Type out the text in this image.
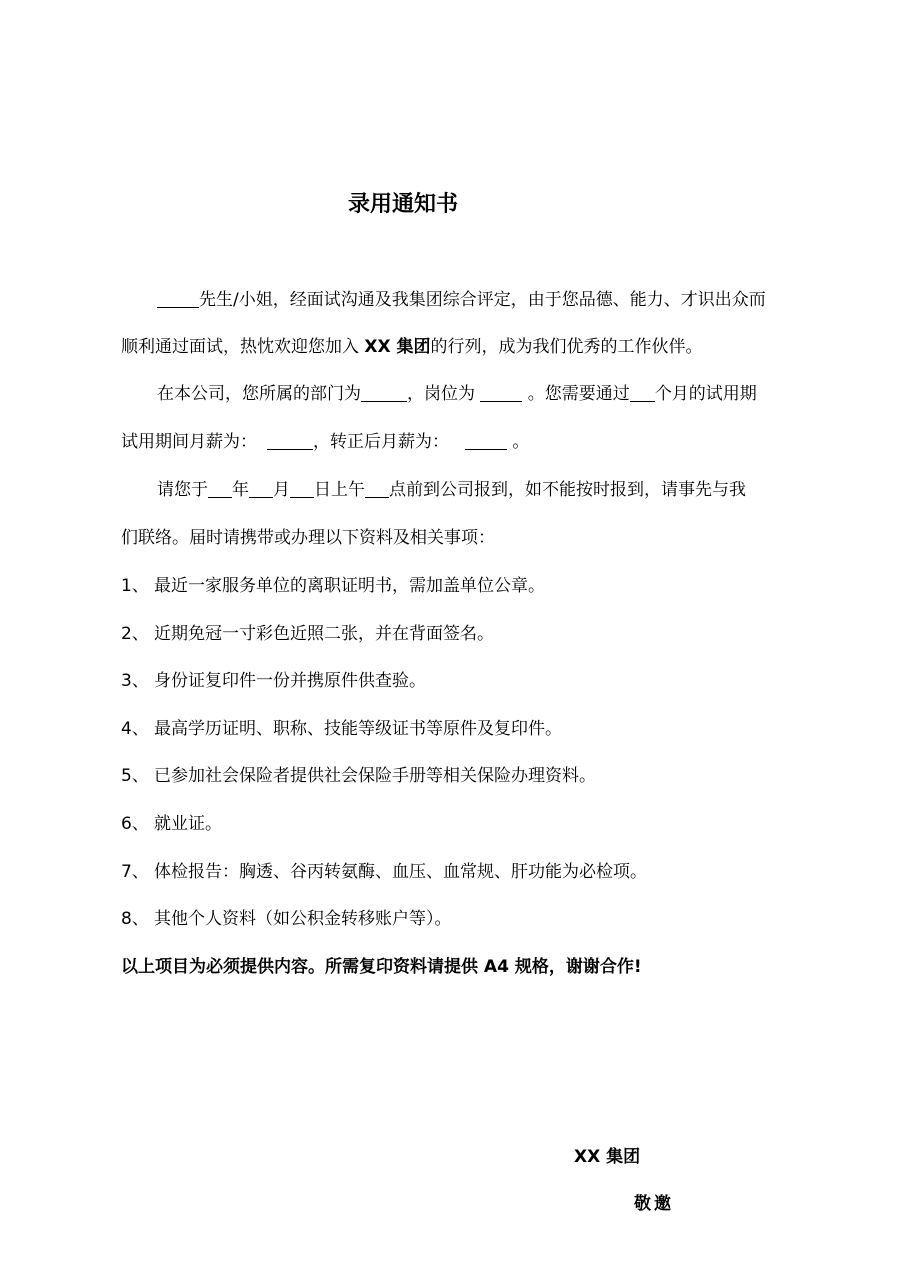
录用通知书
先生/小姐，经面试沟通及我集团综合评定，由于您品德、能力、才识出众而
顺利通过面试，热忱欢迎您加入 XX 集团的行列，成为我们优秀的工作伙伴。
在本公司，您所属的部门为	，岗位为  。您需要通过 个月的试用期
试用期间月薪为：	，转正后月薪为：	。
请您于 年 月 日上午 点前到公司报到，如不能按时报到，请事先与我
们联络。届时请携带或办理以下资料及相关事项：
1、 最近一家服务单位的离职证明书，需加盖单位公章。
2、 近期免冠一寸彩色近照二张，并在背面签名。
3、 身份证复印件一份并携原件供查验。
4、 最高学历证明、职称、技能等级证书等原件及复印件。
5、 已参加社会保险者提供社会保险手册等相关保险办理资料。
6、 就业证。
7、 体检报告：胸透、谷丙转氨酶、血压、血常规、肝功能为必检项。
8、 其他个人资料（如公积金转移账户等）。
以上项目为必须提供内容。所需复印资料请提供 A4 规格，谢谢合作!
XX 集团
敬邀
